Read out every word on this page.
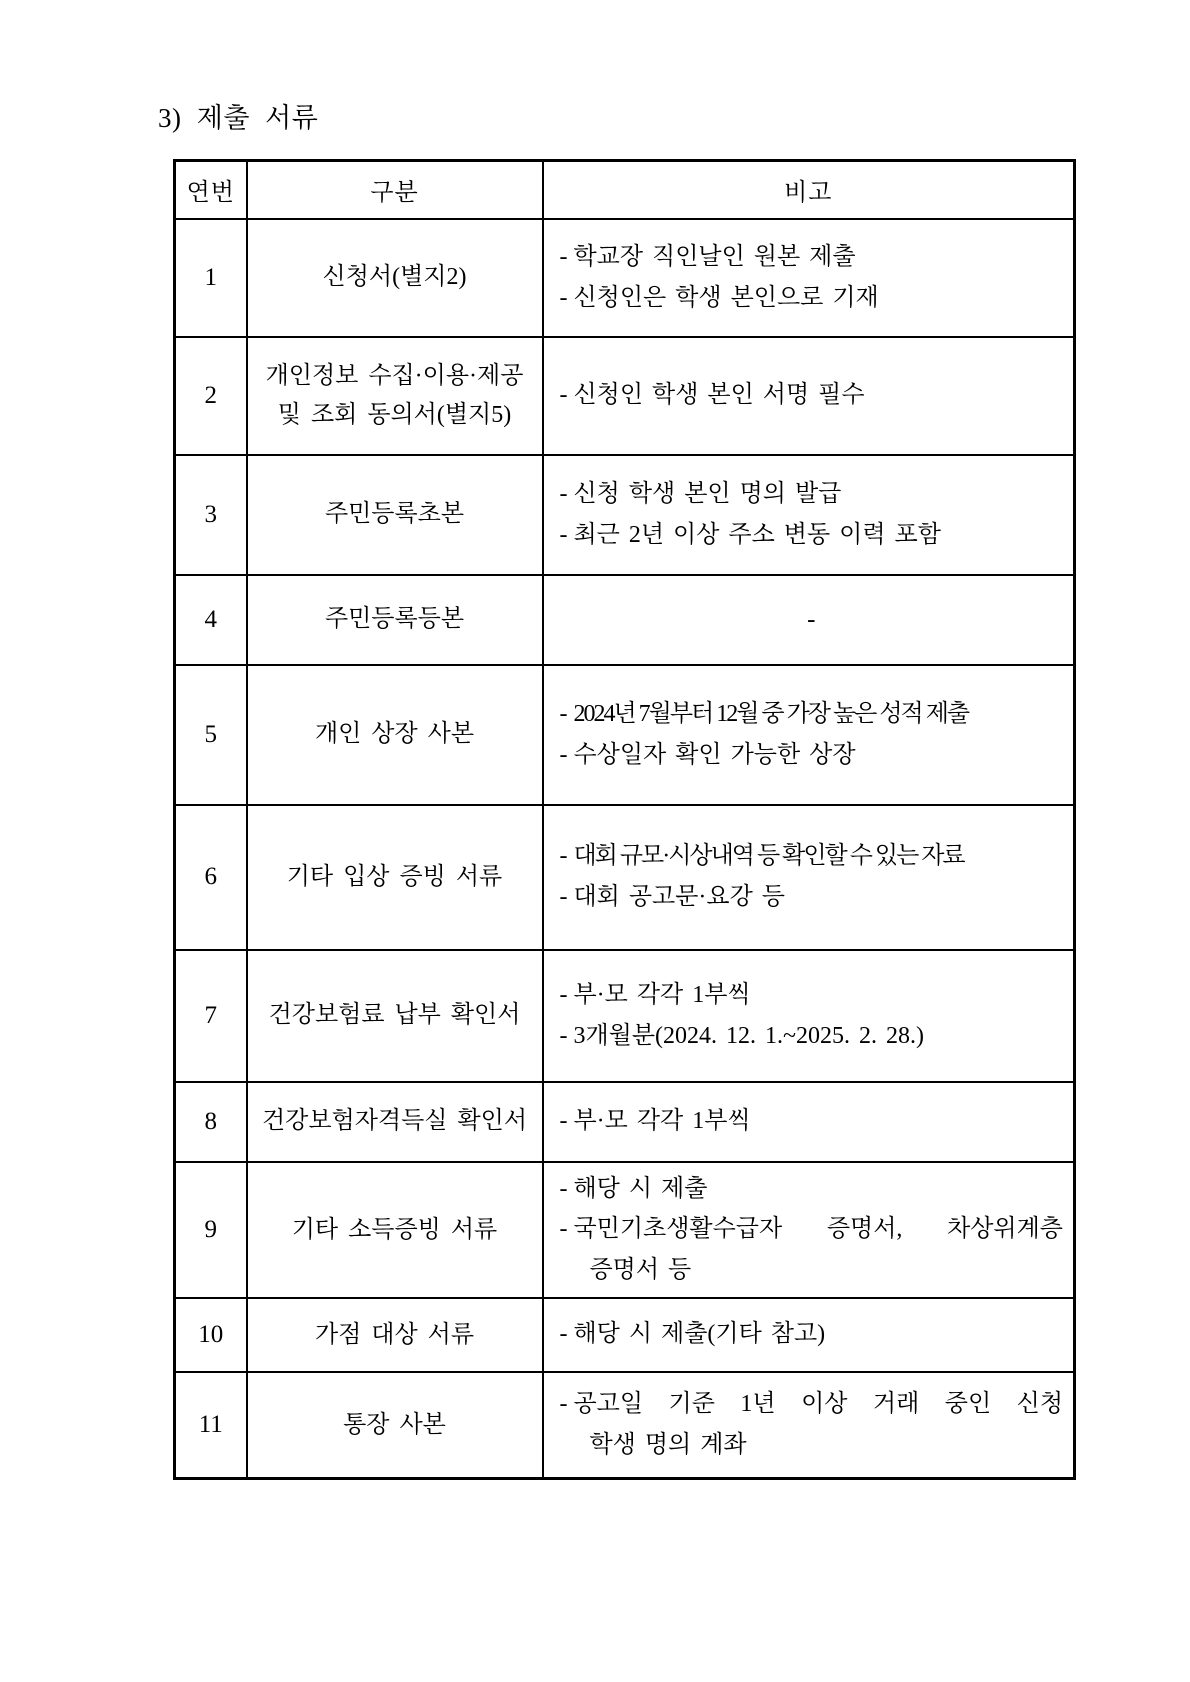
3) 제출 서류
연번	구분	비고
1	신청서(별지2)	- 학교장 직인날인 원본 제출
- 신청인은 학생 본인으로 기재

2	개인정보 수집·이용·제공
및 조회 동의서(별지5)	- 신청인 학생 본인 서명 필수

3	주민등록초본	- 신청 학생 본인 명의 발급
- 최근 2년 이상 주소 변동 이력 포함

4	주민등록등본	-
5	개인 상장 사본	- 2024년 7월부터 12월 중 가장 높은 성적 제출
- 수상일자 확인 가능한 상장

6	기타 입상 증빙 서류	- 대회 규모·시상내역 등 확인할 수 있는 자료
- 대회 공고문·요강 등

7	건강보험료 납부 확인서	- 부·모 각각 1부씩
- 3개월분(2024. 12. 1.~2025. 2. 28.)

8	건강보험자격득실 확인서	- 부·모 각각 1부씩

9	기타 소득증빙 서류	- 해당 시 제출
- 국민기초생활수급자 증명서, 차상위계층
증명서 등

10	가점 대상 서류	- 해당 시 제출(기타 참고)

11	통장 사본	- 공고일 기준 1년 이상 거래 중인 신청
학생 명의 계좌
